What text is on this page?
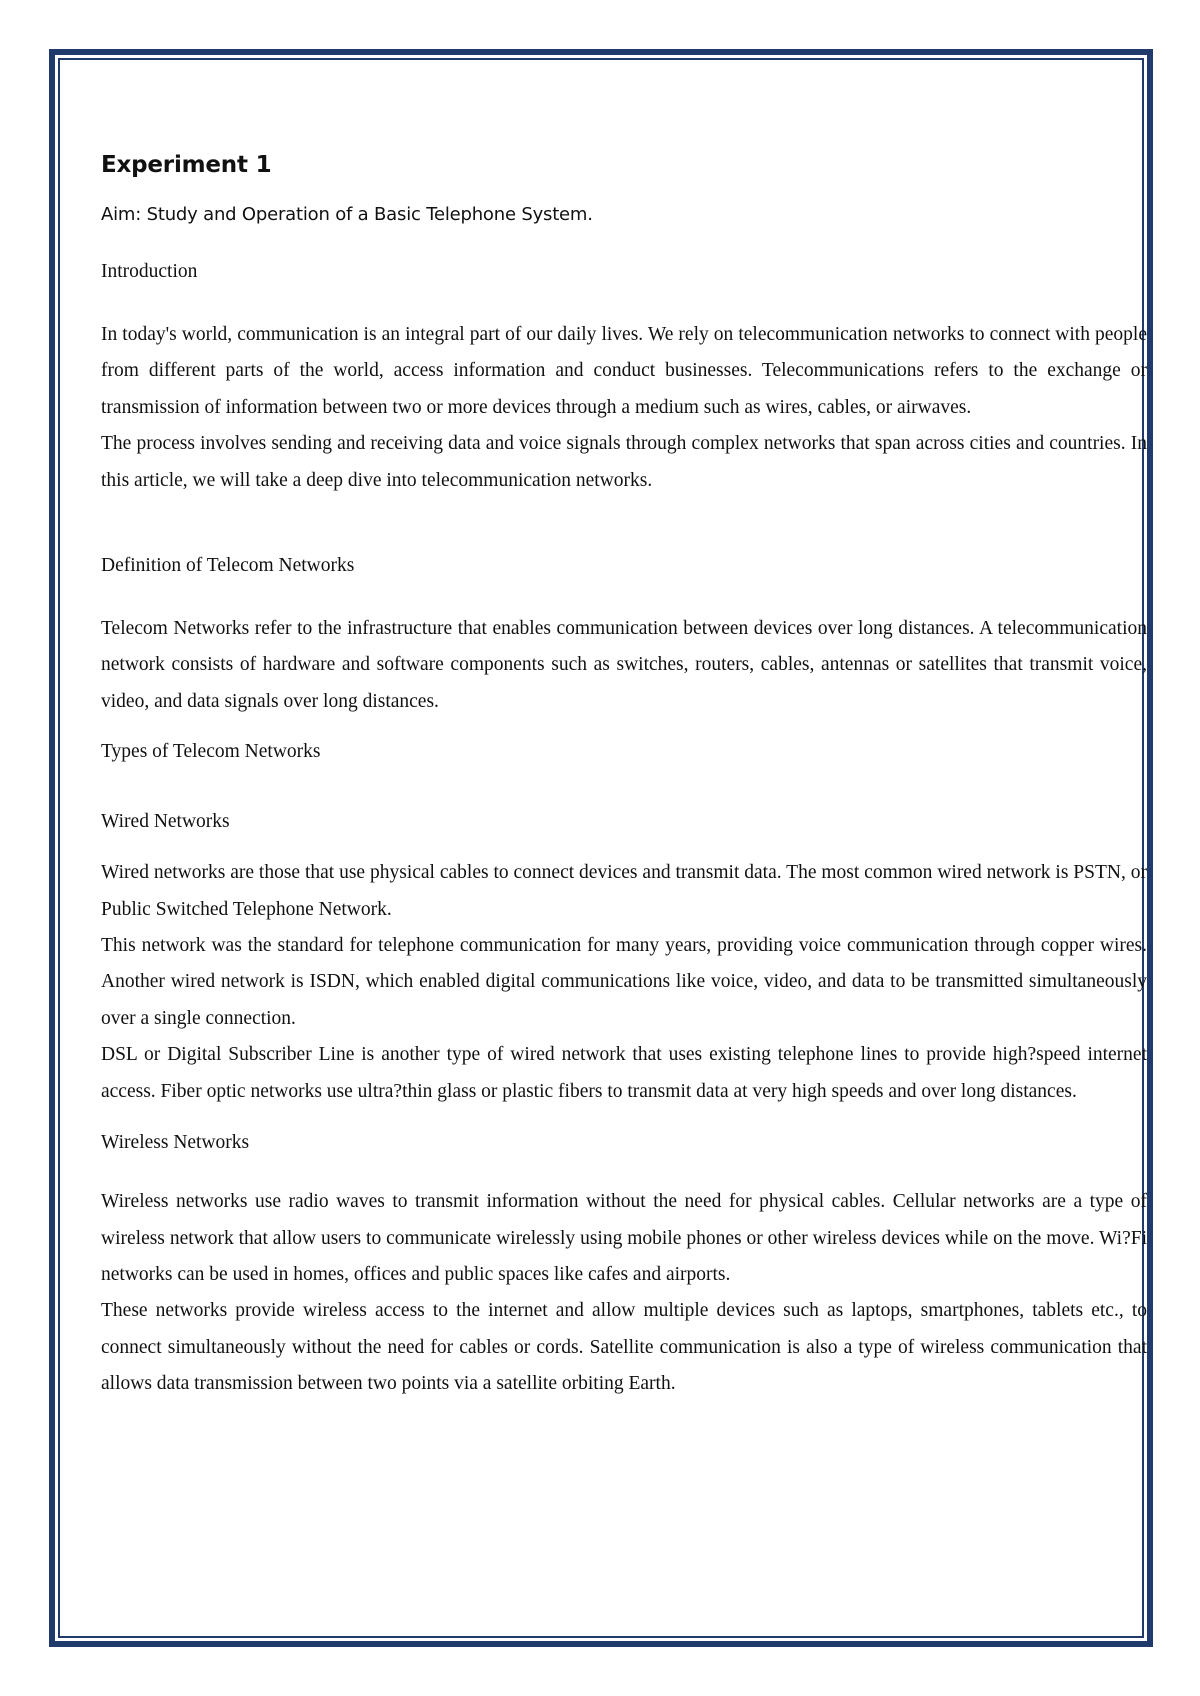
Experiment 1

Aim: Study and Operation of a Basic Telephone System.

Introduction

In today's world, communication is an integral part of our daily lives. We rely on telecommunication networks to connect with people from different parts of the world, access information and conduct businesses. Telecommunications refers to the exchange or transmission of information between two or more devices through a medium such as wires, cables, or airwaves.

The process involves sending and receiving data and voice signals through complex networks that span across cities and countries. In this article, we will take a deep dive into telecommunication networks.

Definition of Telecom Networks

Telecom Networks refer to the infrastructure that enables communication between devices over long distances. A telecommunication network consists of hardware and software components such as switches, routers, cables, antennas or satellites that transmit voice, video, and data signals over long distances.

Types of Telecom Networks

Wired Networks

Wired networks are those that use physical cables to connect devices and transmit data. The most common wired network is PSTN, or Public Switched Telephone Network.

This network was the standard for telephone communication for many years, providing voice communication through copper wires. Another wired network is ISDN, which enabled digital communications like voice, video, and data to be transmitted simultaneously over a single connection.

DSL or Digital Subscriber Line is another type of wired network that uses existing telephone lines to provide high?speed internet access. Fiber optic networks use ultra?thin glass or plastic fibers to transmit data at very high speeds and over long distances.

Wireless Networks

Wireless networks use radio waves to transmit information without the need for physical cables. Cellular networks are a type of wireless network that allow users to communicate wirelessly using mobile phones or other wireless devices while on the move. Wi?Fi networks can be used in homes, offices and public spaces like cafes and airports.

These networks provide wireless access to the internet and allow multiple devices such as laptops, smartphones, tablets etc., to connect simultaneously without the need for cables or cords. Satellite communication is also a type of wireless communication that allows data transmission between two points via a satellite orbiting Earth.
